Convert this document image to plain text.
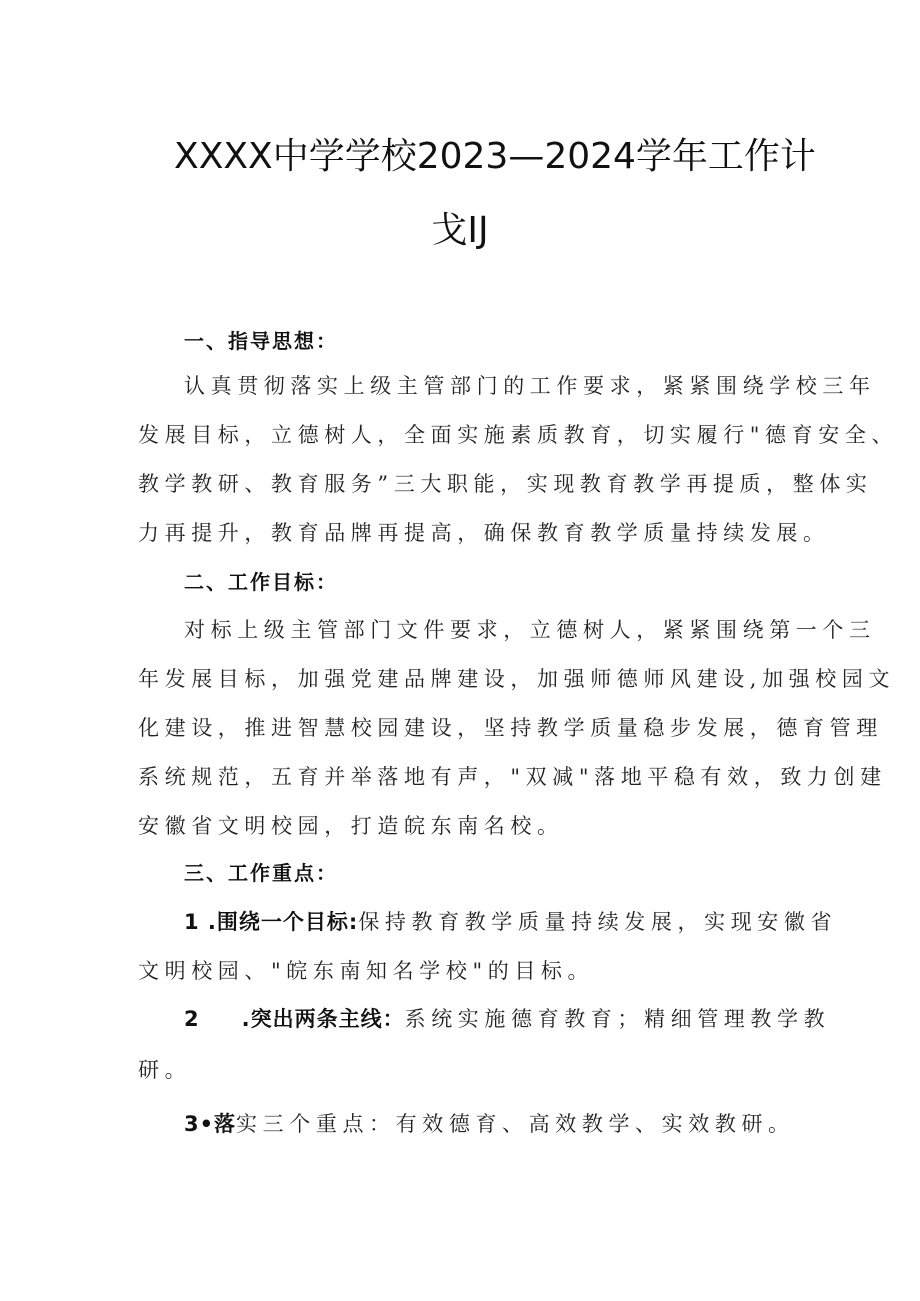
XXXX中学学校2023—2024学年工作计
戈IJ
一、指导思想：
认真贯彻落实上级主管部门的工作要求，紧紧围绕学校三年
发展目标，立德树人，全面实施素质教育，切实履行"德育安全、
教学教研、教育服务”三大职能，实现教育教学再提质，整体实
力再提升，教育品牌再提高，确保教育教学质量持续发展。
二、工作目标：
对标上级主管部门文件要求，立德树人，紧紧围绕第一个三
年发展目标，加强党建品牌建设，加强师德师风建设,加强校园文
化建设，推进智慧校园建设，坚持教学质量稳步发展，德育管理
系统规范，五育并举落地有声，"双减"落地平稳有效，致力创建
安徽省文明校园，打造皖东南名校。
三、工作重点：
1 .围绕一个目标:保持教育教学质量持续发展，实现安徽省
文明校园、"皖东南知名学校"的目标。
2 .突出两条主线：系统实施德育教育；精细管理教学教
研。
3•落实三个重点：有效德育、高效教学、实效教研。
